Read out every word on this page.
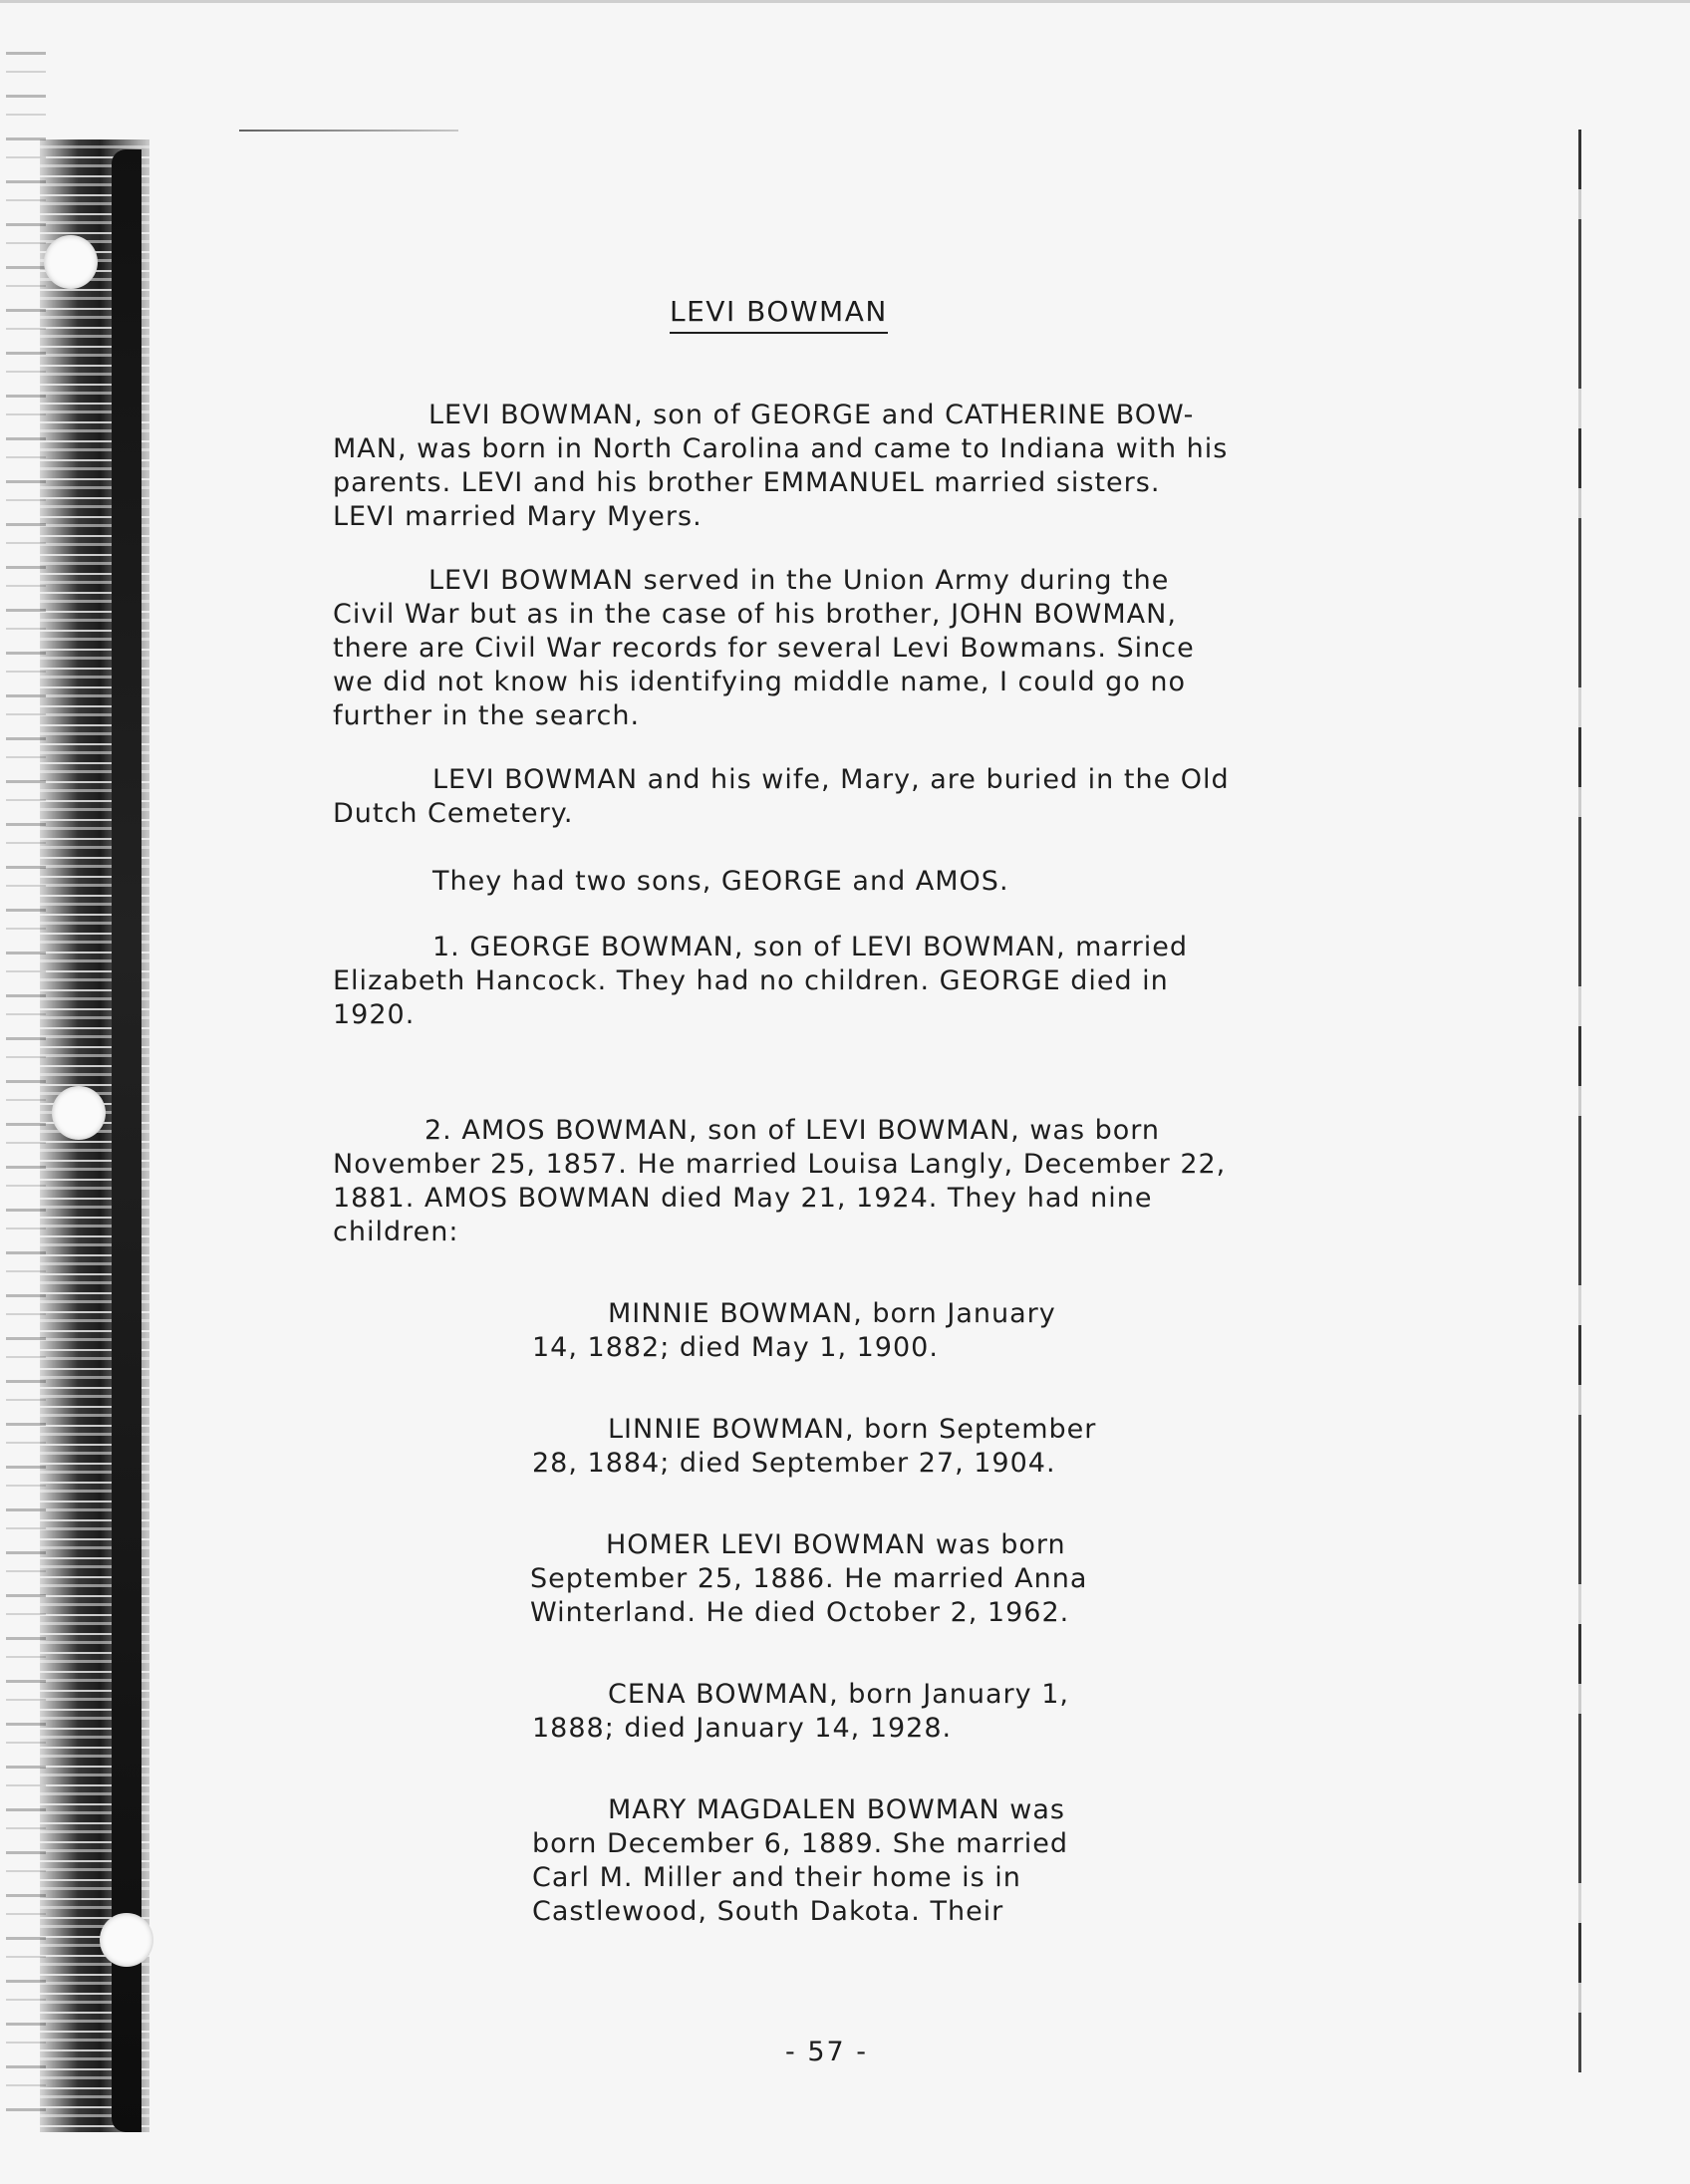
LEVI BOWMAN
LEVI BOWMAN, son of GEORGE and CATHERINE BOW-
MAN, was born in North Carolina and came to Indiana with his
parents. LEVI and his brother EMMANUEL married sisters.
LEVI married Mary Myers.
LEVI BOWMAN served in the Union Army during the
Civil War but as in the case of his brother, JOHN BOWMAN,
there are Civil War records for several Levi Bowmans. Since
we did not know his identifying middle name, I could go no
further in the search.
LEVI BOWMAN and his wife, Mary, are buried in the Old
Dutch Cemetery.
They had two sons, GEORGE and AMOS.
1. GEORGE BOWMAN, son of LEVI BOWMAN, married
Elizabeth Hancock. They had no children. GEORGE died in
1920.
2. AMOS BOWMAN, son of LEVI BOWMAN, was born
November 25, 1857. He married Louisa Langly, December 22,
1881. AMOS BOWMAN died May 21, 1924. They had nine
children:
MINNIE BOWMAN, born January
14, 1882; died May 1, 1900.
LINNIE BOWMAN, born September
28, 1884; died September 27, 1904.
HOMER LEVI BOWMAN was born
September 25, 1886. He married Anna
Winterland. He died October 2, 1962.
CENA BOWMAN, born January 1,
1888; died January 14, 1928.
MARY MAGDALEN BOWMAN was
born December 6, 1889. She married
Carl M. Miller and their home is in
Castlewood, South Dakota. Their
- 57 -
